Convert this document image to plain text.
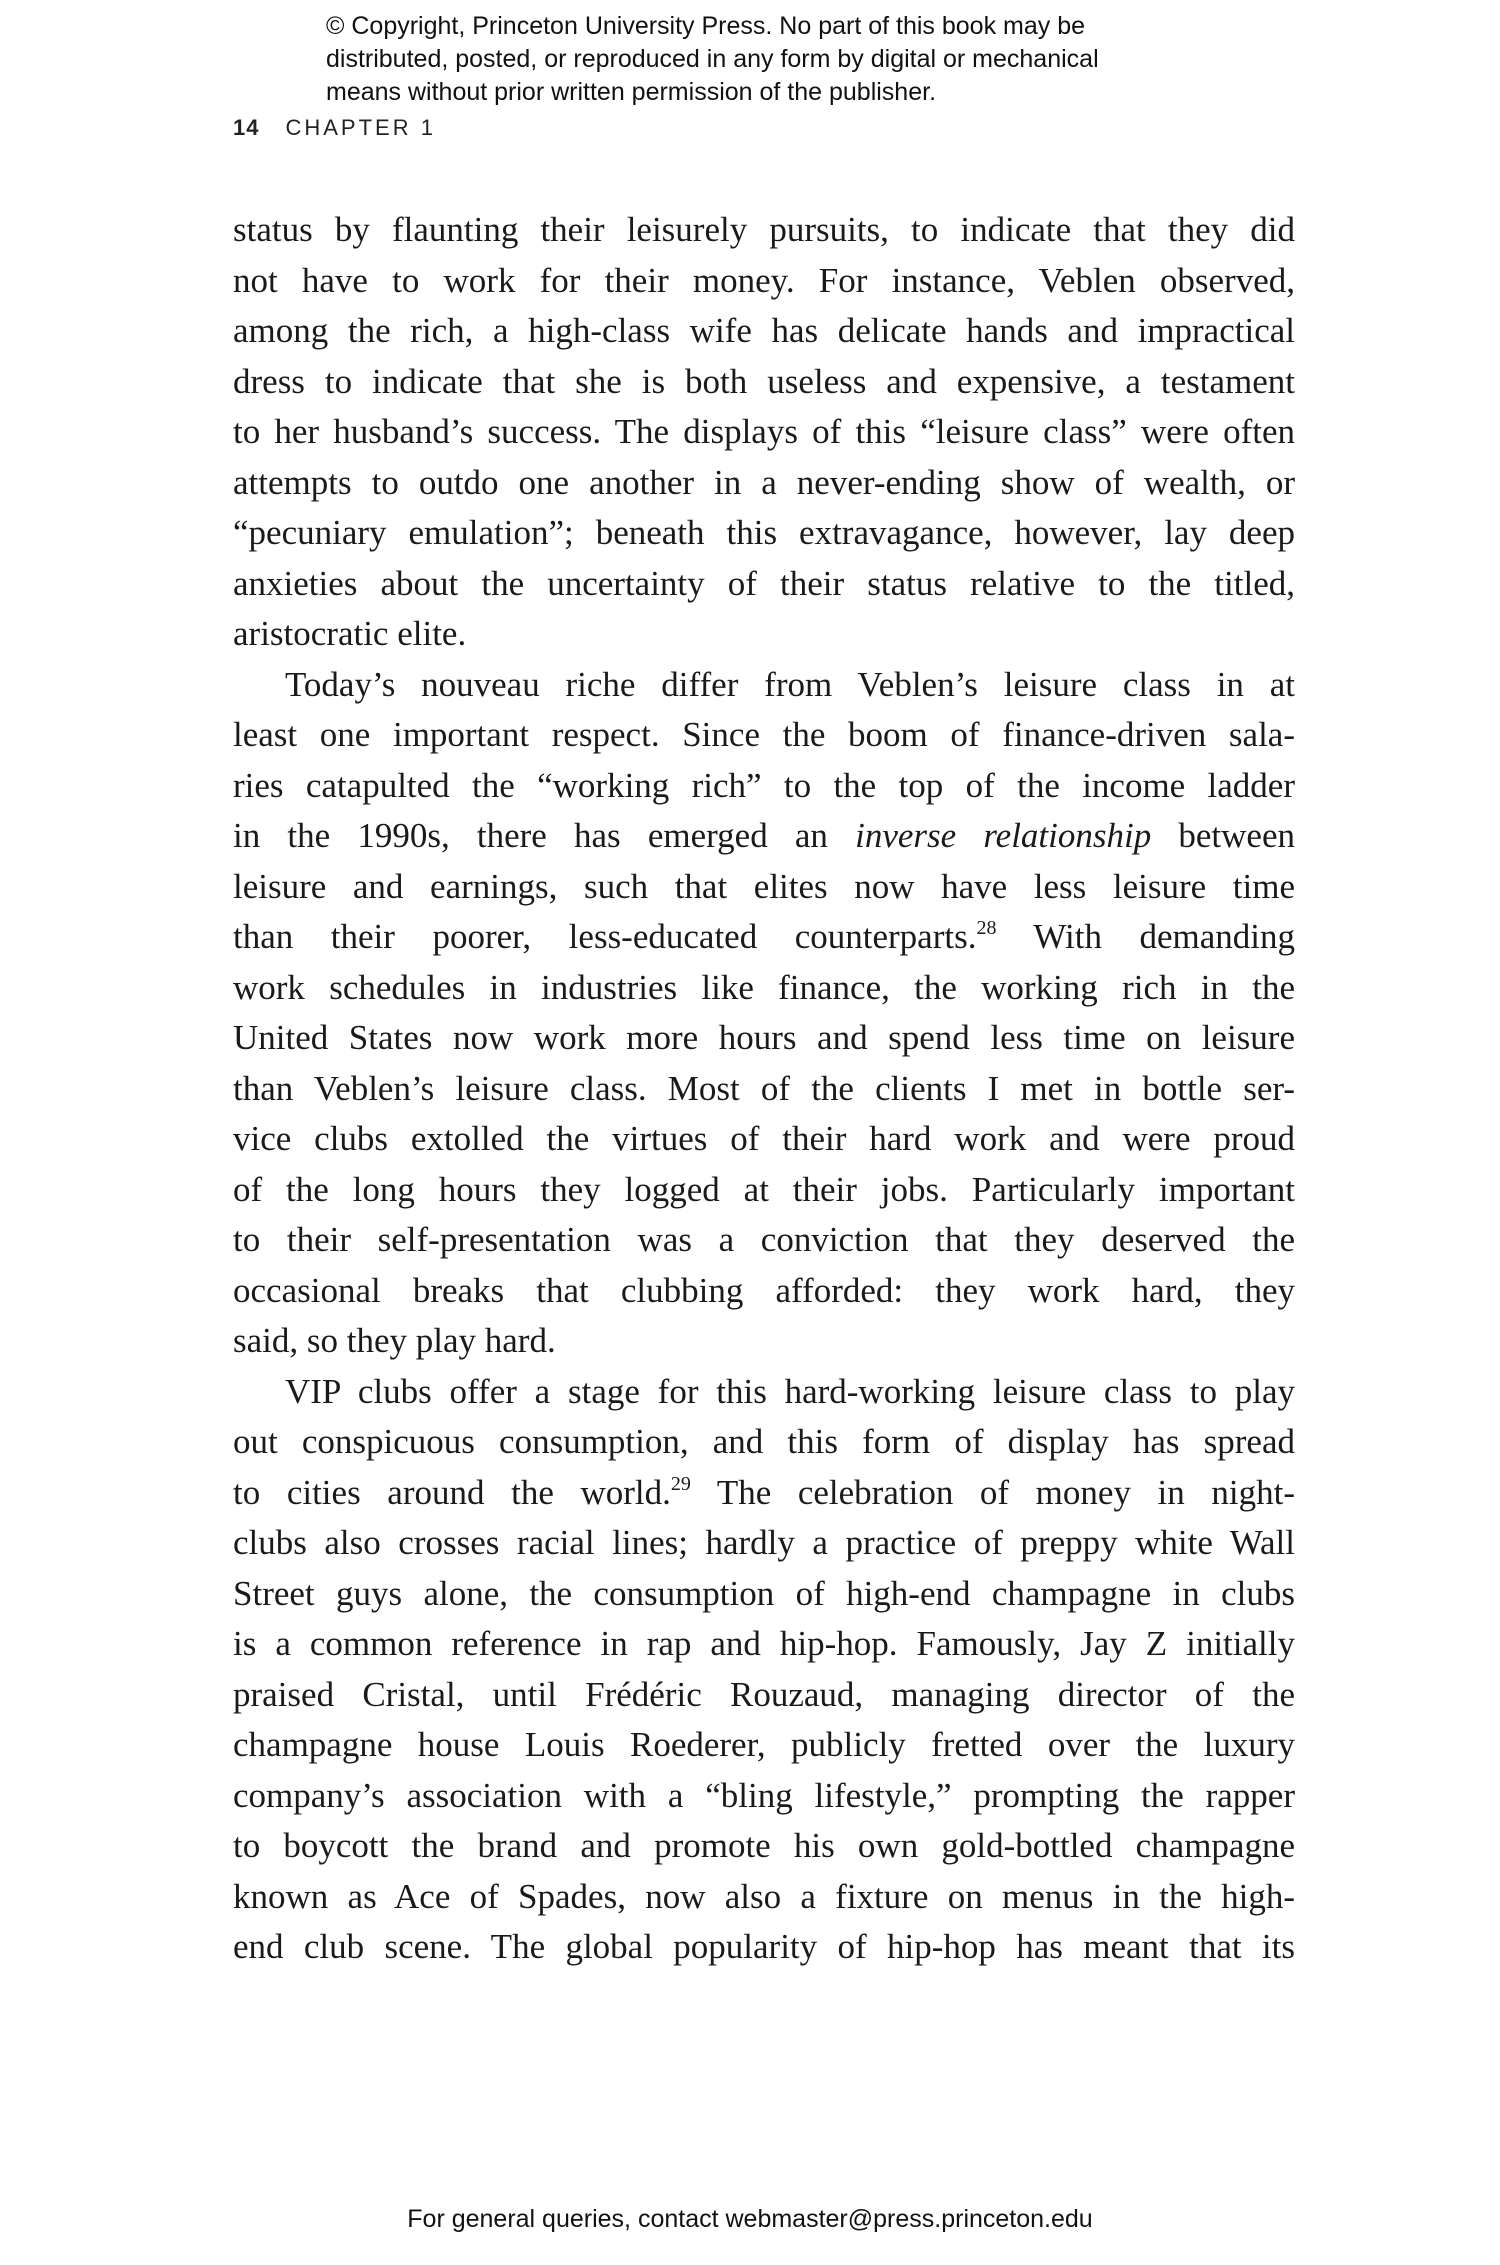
© Copyright, Princeton University Press. No part of this book may be
distributed, posted, or reproduced in any form by digital or mechanical
means without prior written permission of the publisher.
14 CHAPTER 1
status by flaunting their leisurely pursuits, to indicate that they did
not have to work for their money. For instance, Veblen observed,
among the rich, a high-class wife has delicate hands and impractical
dress to indicate that she is both useless and expensive, a testament
to her husband’s success. The displays of this “leisure class” were often
attempts to outdo one another in a never-ending show of wealth, or
“pecuniary emulation”; beneath this extravagance, however, lay deep
anxieties about the uncertainty of their status relative to the titled,
aristocratic elite.
Today’s nouveau riche differ from Veblen’s leisure class in at
least one important respect. Since the boom of finance-driven sala-
ries catapulted the “working rich” to the top of the income ladder
in the 1990s, there has emerged an inverse relationship between
leisure and earnings, such that elites now have less leisure time
than their poorer, less-educated counterparts.$^{28}$ With demanding
work schedules in industries like finance, the working rich in the
United States now work more hours and spend less time on leisure
than Veblen’s leisure class. Most of the clients I met in bottle ser-
vice clubs extolled the virtues of their hard work and were proud
of the long hours they logged at their jobs. Particularly important
to their self-presentation was a conviction that they deserved the
occasional breaks that clubbing afforded: they work hard, they
said, so they play hard.
VIP clubs offer a stage for this hard-working leisure class to play
out conspicuous consumption, and this form of display has spread
to cities around the world.$^{29}$ The celebration of money in night-
clubs also crosses racial lines; hardly a practice of preppy white Wall
Street guys alone, the consumption of high-end champagne in clubs
is a common reference in rap and hip-hop. Famously, Jay Z initially
praised Cristal, until Frédéric Rouzaud, managing director of the
champagne house Louis Roederer, publicly fretted over the luxury
company’s association with a “bling lifestyle,” prompting the rapper
to boycott the brand and promote his own gold-bottled champagne
known as Ace of Spades, now also a fixture on menus in the high-
end club scene. The global popularity of hip-hop has meant that its
For general queries, contact webmaster@press.princeton.edu
